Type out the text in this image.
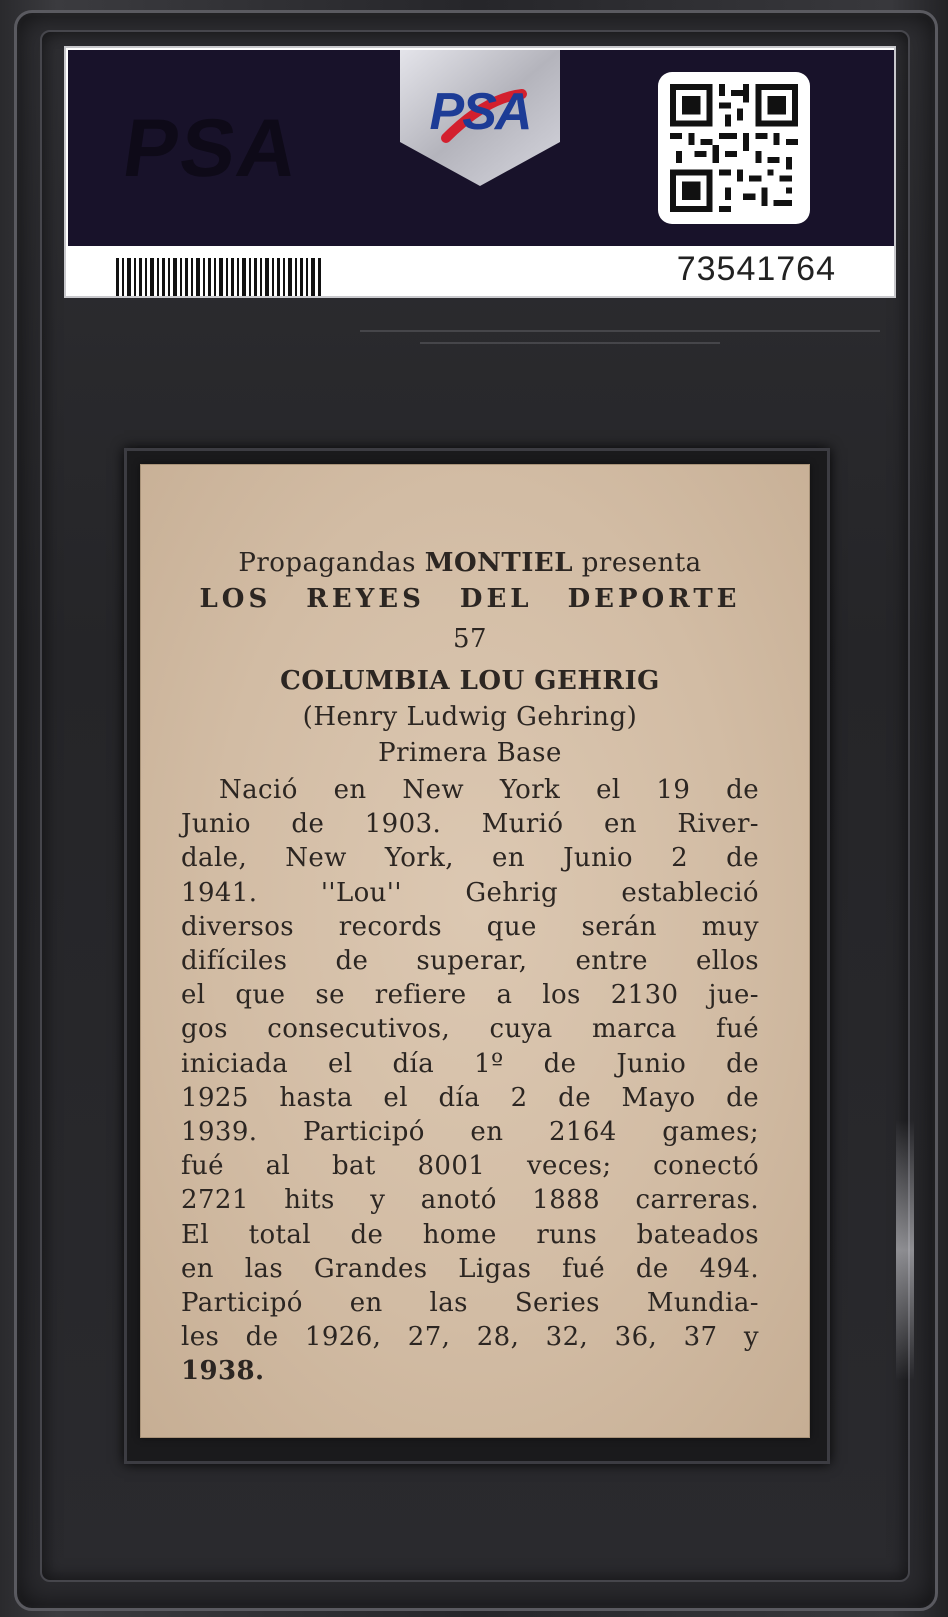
PSA PSA
73541764
Propagandas MONTIEL presenta
LOS REYES DEL DEPORTE
57
COLUMBIA LOU GEHRIG
(Henry Ludwig Gehring)
Primera Base
Nació en New York el 19 de
Junio de 1903. Murió en River-
dale, New York, en Junio 2 de
1941. ''Lou'' Gehrig estableció
diversos records que serán muy
difíciles de superar, entre ellos
el que se refiere a los 2130 jue-
gos consecutivos, cuya marca fué
iniciada el día 1º de Junio de
1925 hasta el día 2 de Mayo de
1939. Participó en 2164 games;
fué al bat 8001 veces; conectó
2721 hits y anotó 1888 carreras.
El total de home runs bateados
en las Grandes Ligas fué de 494.
Participó en las Series Mundia-
les de 1926, 27, 28, 32, 36, 37 y
1938.
